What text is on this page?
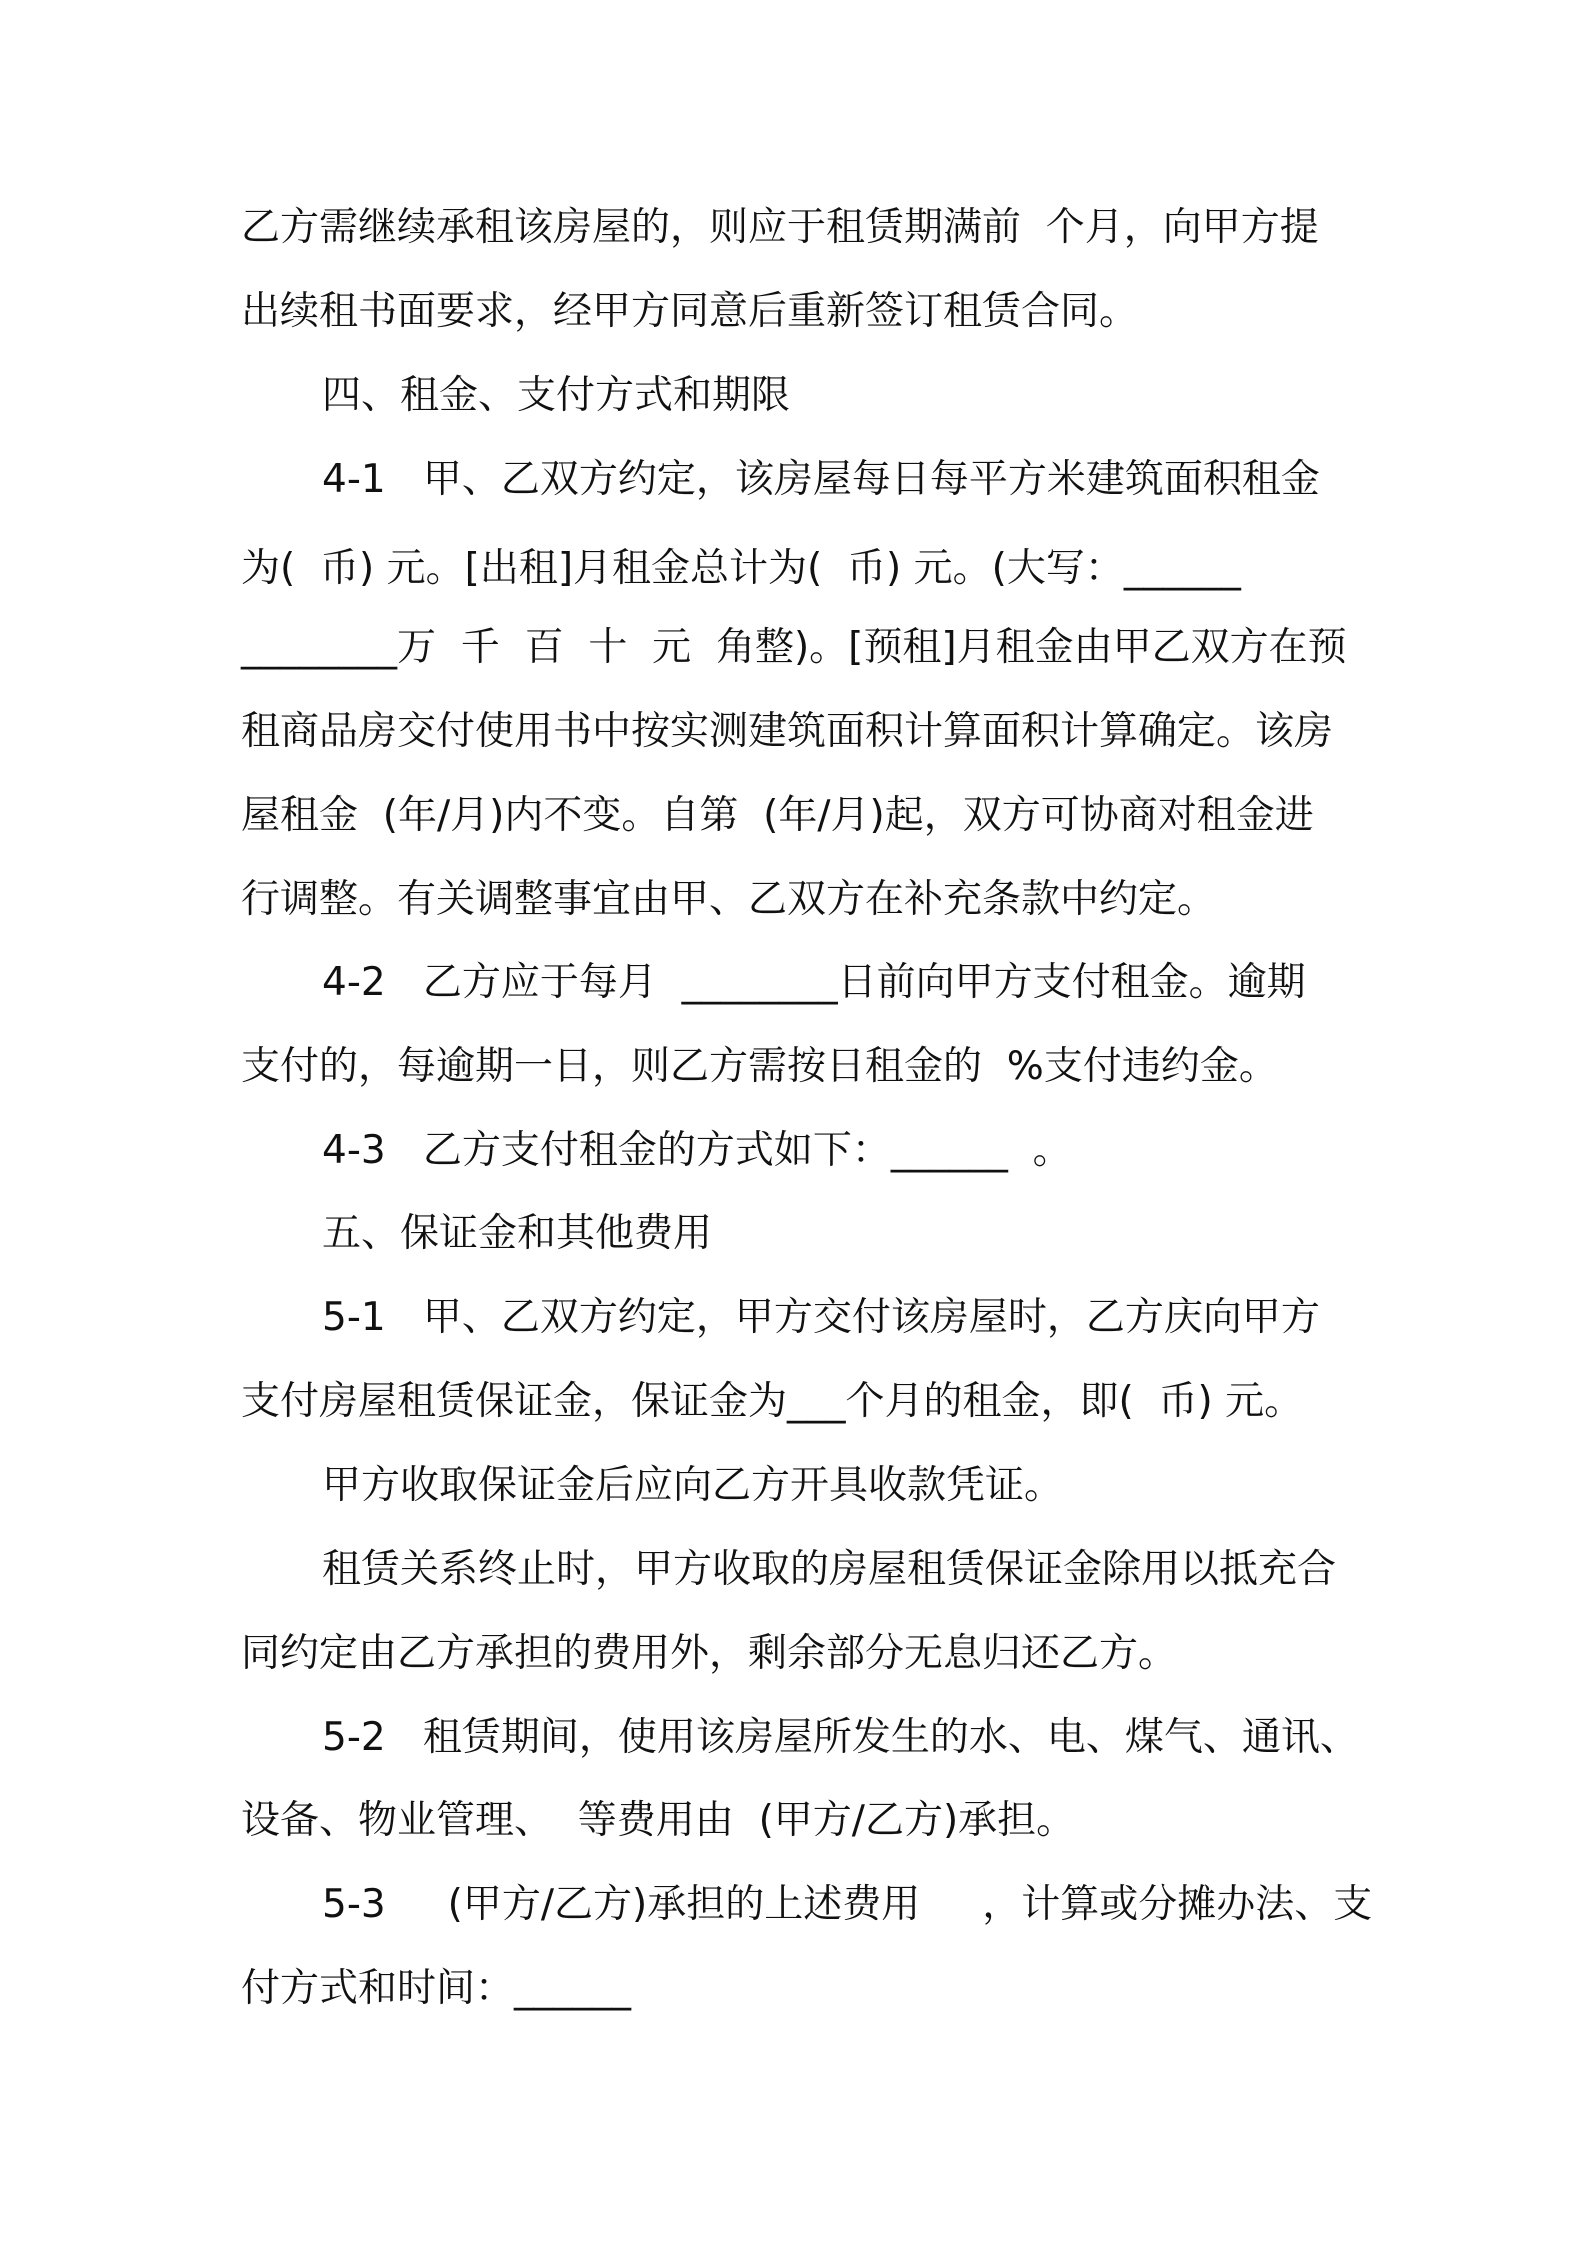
乙方需继续承租该房屋的，则应于租赁期满前  个月，向甲方提
出续租书面要求，经甲方同意后重新签订租赁合同。
四、租金、支付方式和期限
4-1   甲、乙双方约定，该房屋每日每平方米建筑面积租金
为(  币) 元。[出租]月租金总计为(  币) 元。(大写：______
________万  千  百  十  元  角整)。[预租]月租金由甲乙双方在预
租商品房交付使用书中按实测建筑面积计算面积计算确定。该房
屋租金  (年/月)内不变。自第  (年/月)起，双方可协商对租金进
行调整。有关调整事宜由甲、乙双方在补充条款中约定。
4-2   乙方应于每月  ________日前向甲方支付租金。逾期
支付的，每逾期一日，则乙方需按日租金的  %支付违约金。
4-3   乙方支付租金的方式如下：______  。
五、保证金和其他费用
5-1   甲、乙双方约定，甲方交付该房屋时，乙方庆向甲方
支付房屋租赁保证金，保证金为___个月的租金，即(  币) 元。
甲方收取保证金后应向乙方开具收款凭证。
租赁关系终止时，甲方收取的房屋租赁保证金除用以抵充合
同约定由乙方承担的费用外，剩余部分无息归还乙方。
5-2   租赁期间，使用该房屋所发生的水、电、煤气、通讯、
设备、物业管理、  等费用由  (甲方/乙方)承担。
5-3     (甲方/乙方)承担的上述费用     ，计算或分摊办法、支
付方式和时间：______
